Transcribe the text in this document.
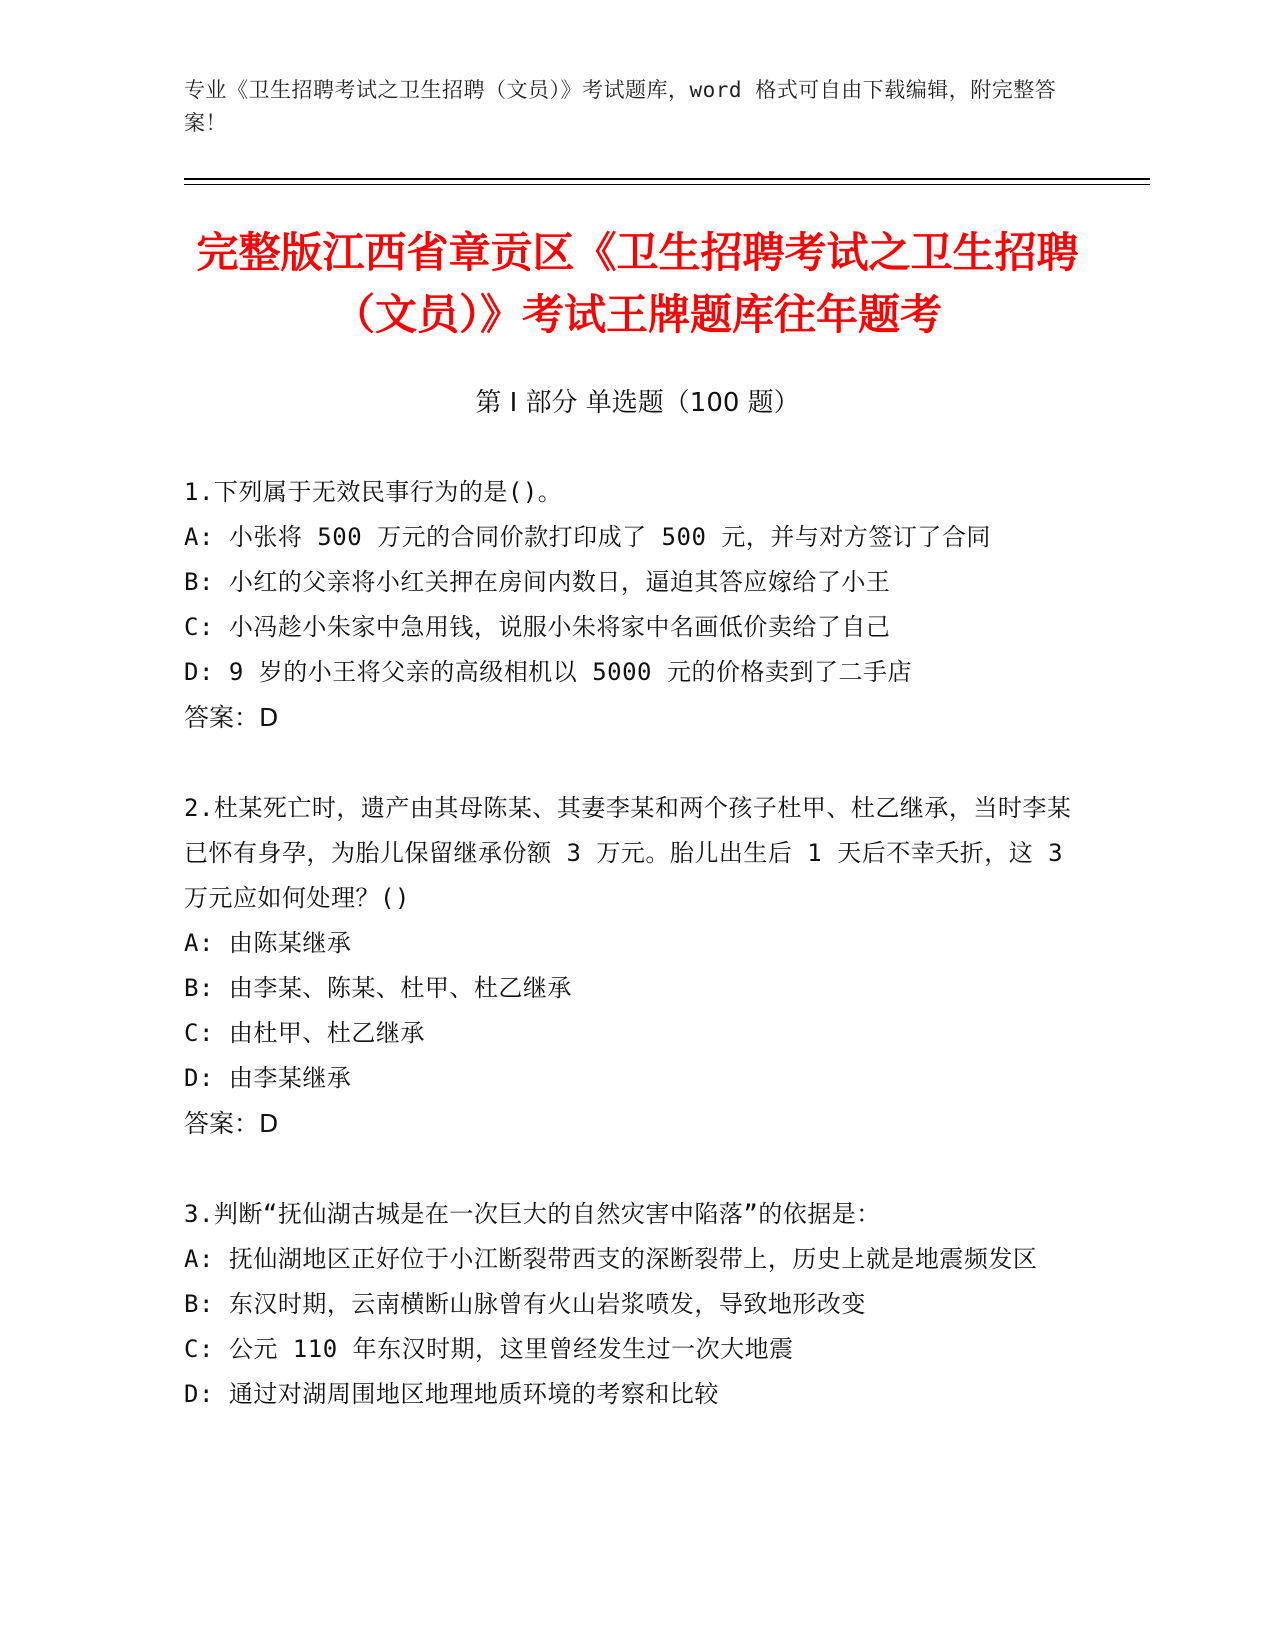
专业《卫生招聘考试之卫生招聘（文员）》考试题库，word 格式可自由下载编辑，附完整答案！
完整版江西省章贡区《卫生招聘考试之卫生招聘（文员）》考试王牌题库往年题考
第 I 部分 单选题（100 题）
1.下列属于无效民事行为的是()。
A: 小张将 500 万元的合同价款打印成了 500 元，并与对方签订了合同
B: 小红的父亲将小红关押在房间内数日，逼迫其答应嫁给了小王
C: 小冯趁小朱家中急用钱，说服小朱将家中名画低价卖给了自己
D: 9 岁的小王将父亲的高级相机以 5000 元的价格卖到了二手店
答案：D
2.杜某死亡时，遗产由其母陈某、其妻李某和两个孩子杜甲、杜乙继承，当时李某已怀有身孕，为胎儿保留继承份额 3 万元。胎儿出生后 1 天后不幸夭折，这 3 万元应如何处理？()
A: 由陈某继承
B: 由李某、陈某、杜甲、杜乙继承
C: 由杜甲、杜乙继承
D: 由李某继承
答案：D
3.判断“抚仙湖古城是在一次巨大的自然灾害中陷落”的依据是：
A: 抚仙湖地区正好位于小江断裂带西支的深断裂带上，历史上就是地震频发区
B: 东汉时期，云南横断山脉曾有火山岩浆喷发，导致地形改变
C: 公元 110 年东汉时期，这里曾经发生过一次大地震
D: 通过对湖周围地区地理地质环境的考察和比较
